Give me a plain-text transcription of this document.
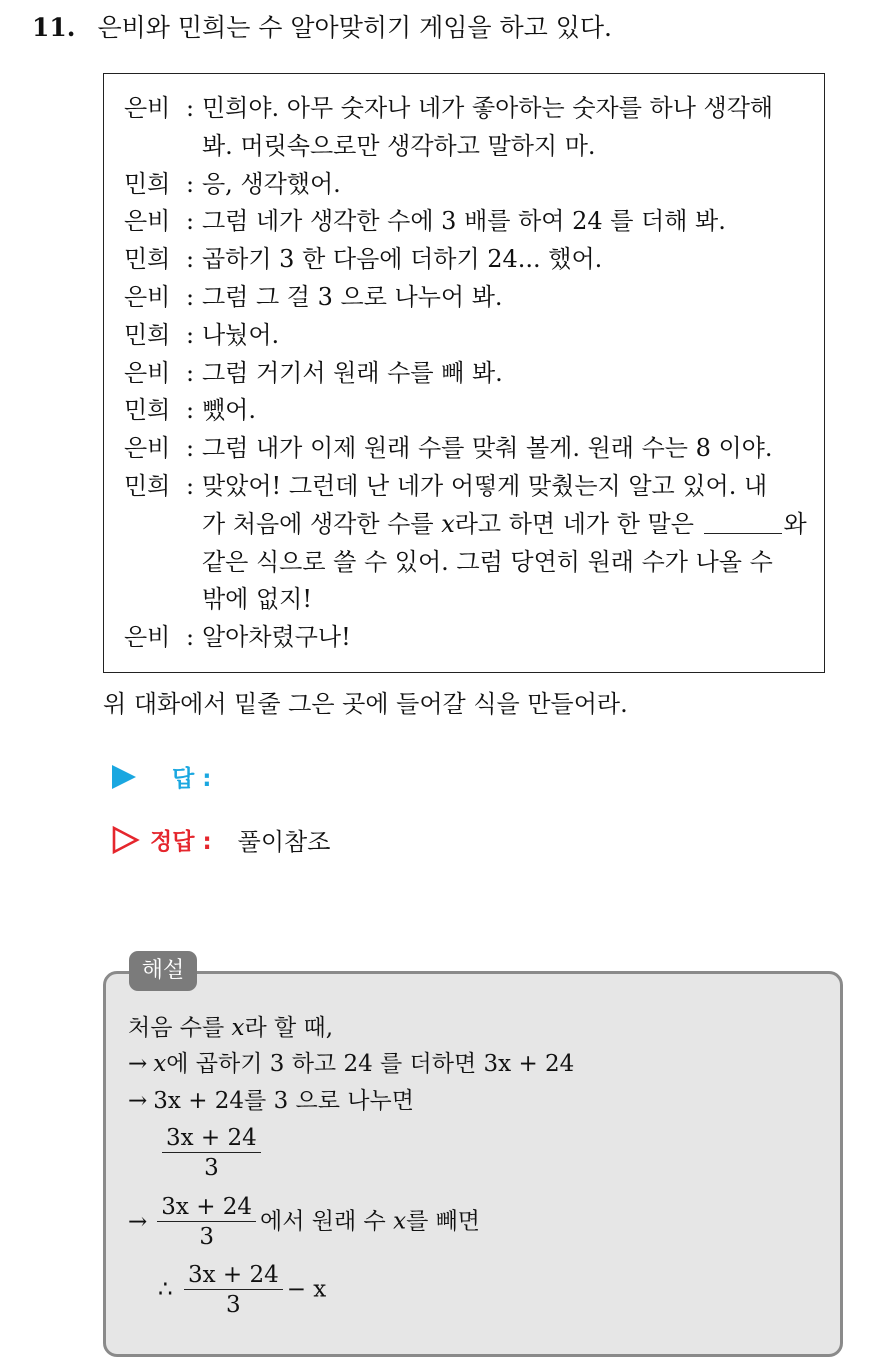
11. 은비와 민희는 수 알아맞히기 게임을 하고 있다.
은비 : 민희야. 아무 숫자나 네가 좋아하는 숫자를 하나 생각해
봐. 머릿속으로만 생각하고 말하지 마.
민희 : 응, 생각했어.
은비 : 그럼 네가 생각한 수에 3 배를 하여 24 를 더해 봐.
민희 : 곱하기 3 한 다음에 더하기 24... 했어.
은비 : 그럼 그 걸 3 으로 나누어 봐.
민희 : 나눴어.
은비 : 그럼 거기서 원래 수를 빼 봐.
민희 : 뺐어.
은비 : 그럼 내가 이제 원래 수를 맞춰 볼게. 원래 수는 8 이야.
민희 : 맞았어! 그런데 난 네가 어떻게 맞췄는지 알고 있어. 내
가 처음에 생각한 수를 x라고 하면 네가 한 말은	와
같은 식으로 쓸 수 있어. 그럼 당연히 원래 수가 나올 수
밖에 없지!
은비 : 알아차렸구나!
위 대화에서 밑줄 그은 곳에 들어갈 식을 만들어라.
답 :
정답 : 풀이참조
해설
처음 수를 x라 할 때,
→ x에 곱하기 3 하고 24 를 더하면 3x + 24
→ 3x + 24를 3 으로 나누면
$\frac{3x + 24}{3}$
→ $\frac{3x + 24}{3}$ 에서 원래 수 x를 빼면
∴ $\frac{3x + 24}{3} - x$
